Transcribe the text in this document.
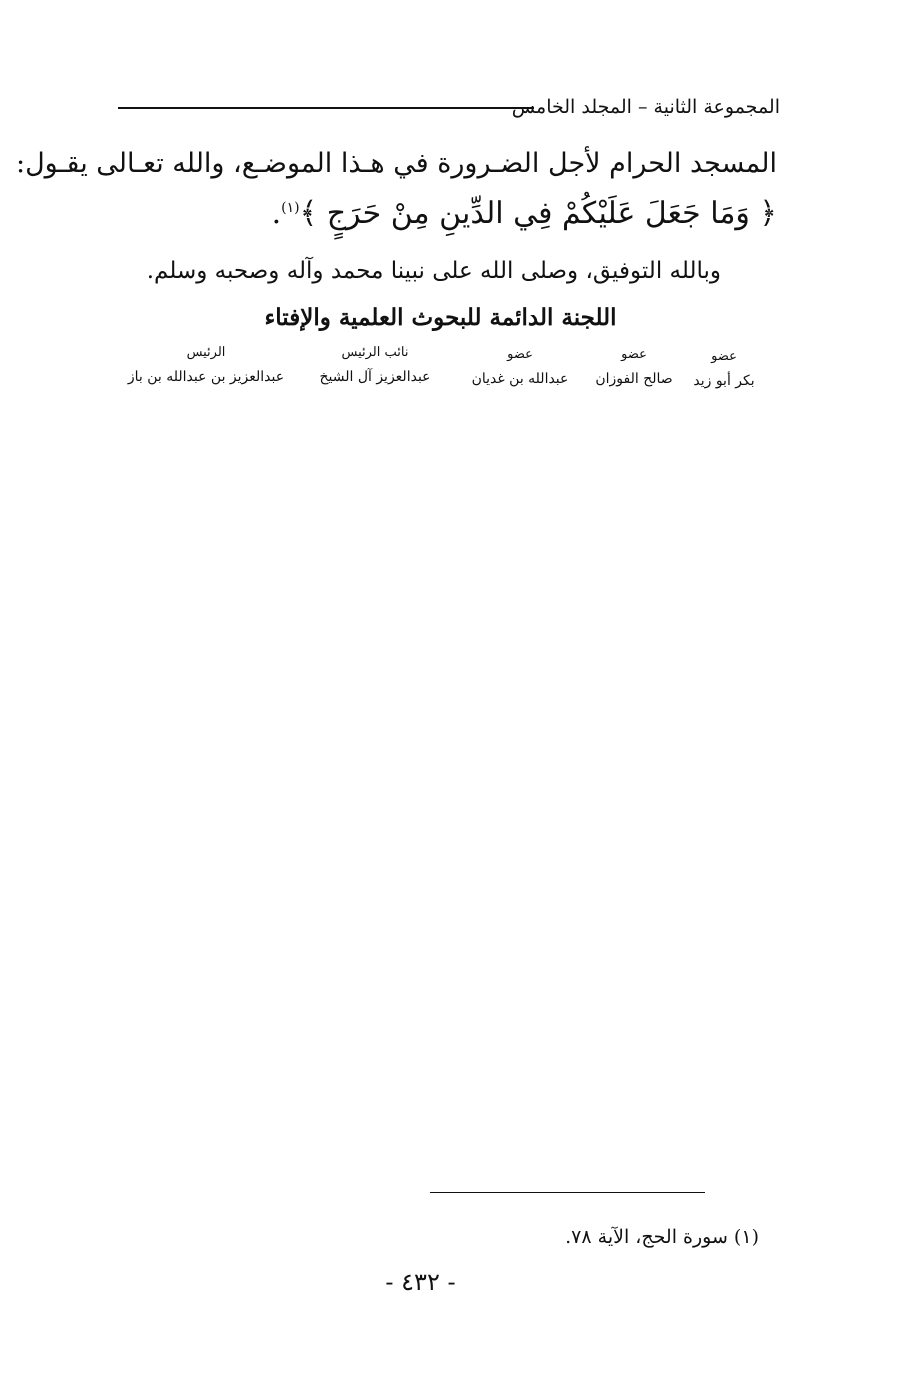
المجموعة الثانية – المجلد الخامس
المسجد الحرام لأجل الضـرورة في هـذا الموضـع، والله تعـالى يقـول:
﴿ وَمَا جَعَلَ عَلَيْكُمْ فِي الدِّينِ مِنْ حَرَجٍ ﴾$^{(١)}$.
وبالله التوفيق، وصلى الله على نبينا محمد وآله وصحبه وسلم.
اللجنة الدائمة للبحوث العلمية والإفتاء
عضو
بكر أبو زيد
عضو
صالح الفوزان
عضو
عبدالله بن غديان
نائب الرئيس
عبدالعزيز آل الشيخ
الرئيس
عبدالعزيز بن عبدالله بن باز
(١) سورة الحج، الآية ٧٨.
- ٤٣٢ -
